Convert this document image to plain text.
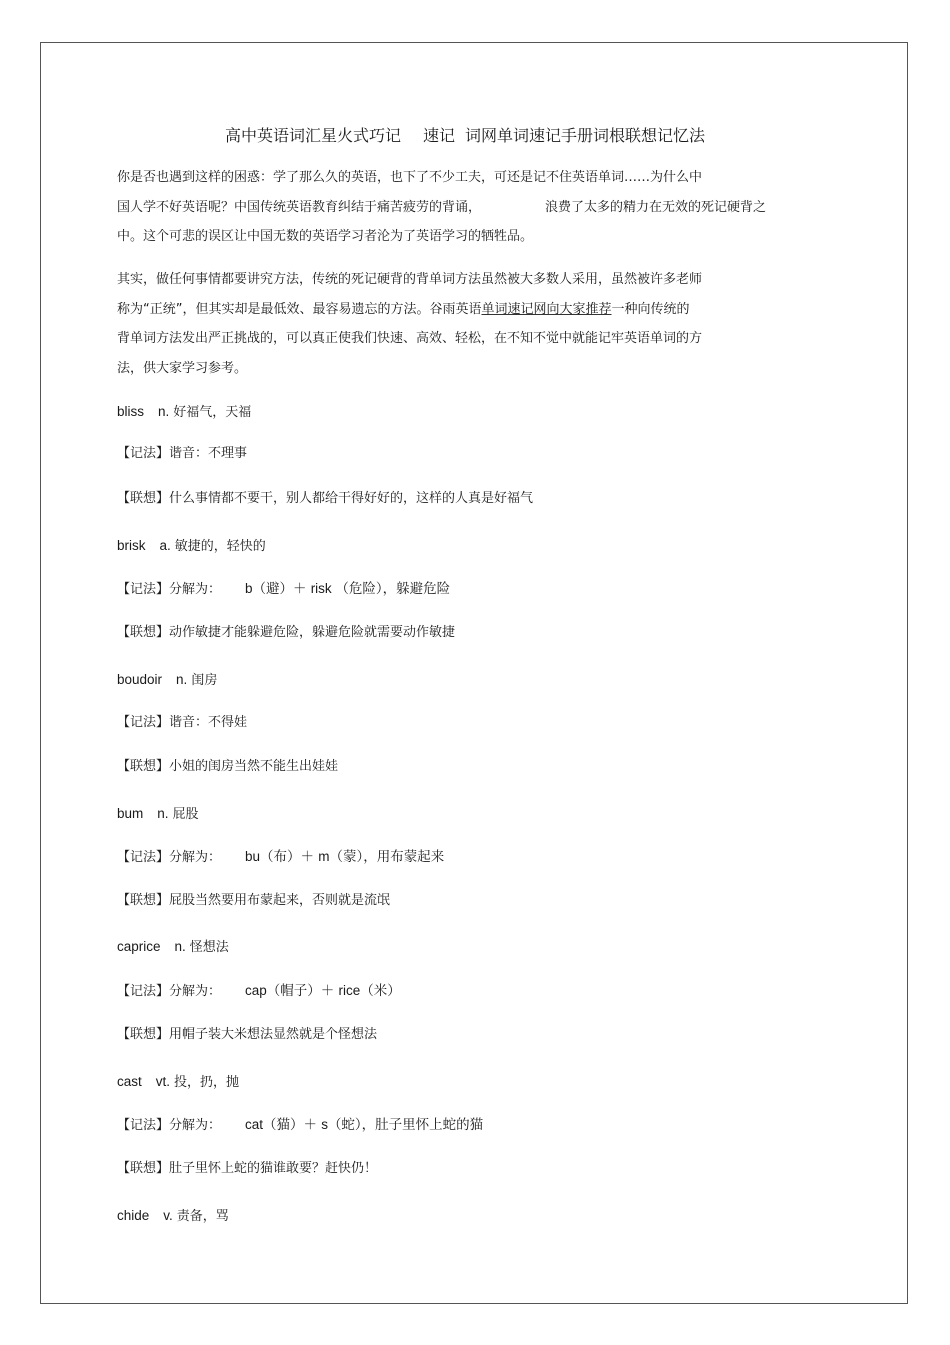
高中英语词汇星火式巧记 速记 词网单词速记手册词根联想记忆法
你是否也遇到这样的困惑：学了那么久的英语，也下了不少工夫，可还是记不住英语单词……为什么中
国人学不好英语呢？中国传统英语教育纠结于痛苦疲劳的背诵，	浪费了太多的精力在无效的死记硬背之
中。这个可悲的误区让中国无数的英语学习者沦为了英语学习的牺牲品。
其实，做任何事情都要讲究方法，传统的死记硬背的背单词方法虽然被大多数人采用，虽然被许多老师
称为“正统”，但其实却是最低效、最容易遗忘的方法。谷雨英语单词速记网向大家推荐一种向传统的
背单词方法发出严正挑战的，可以真正使我们快速、高效、轻松，在不知不觉中就能记牢英语单词的方
法，供大家学习参考。
bliss n. 好福气，天福
【记法】谐音：不理事
【联想】什么事情都不要干，别人都给干得好好的，这样的人真是好福气
brisk a. 敏捷的，轻快的
【记法】分解为： b（避）＋ risk （危险），躲避危险
【联想】动作敏捷才能躲避危险，躲避危险就需要动作敏捷
boudoir n. 闺房
【记法】谐音：不得娃
【联想】小姐的闺房当然不能生出娃娃
bum n. 屁股
【记法】分解为： bu（布）＋ m（蒙），用布蒙起来
【联想】屁股当然要用布蒙起来，否则就是流氓
caprice n. 怪想法
【记法】分解为： cap（帽子）＋ rice（米）
【联想】用帽子装大米想法显然就是个怪想法
cast vt. 投，扔，抛
【记法】分解为： cat（猫）＋ s（蛇），肚子里怀上蛇的猫
【联想】肚子里怀上蛇的猫谁敢要？赶快仍！
chide v. 责备，骂
